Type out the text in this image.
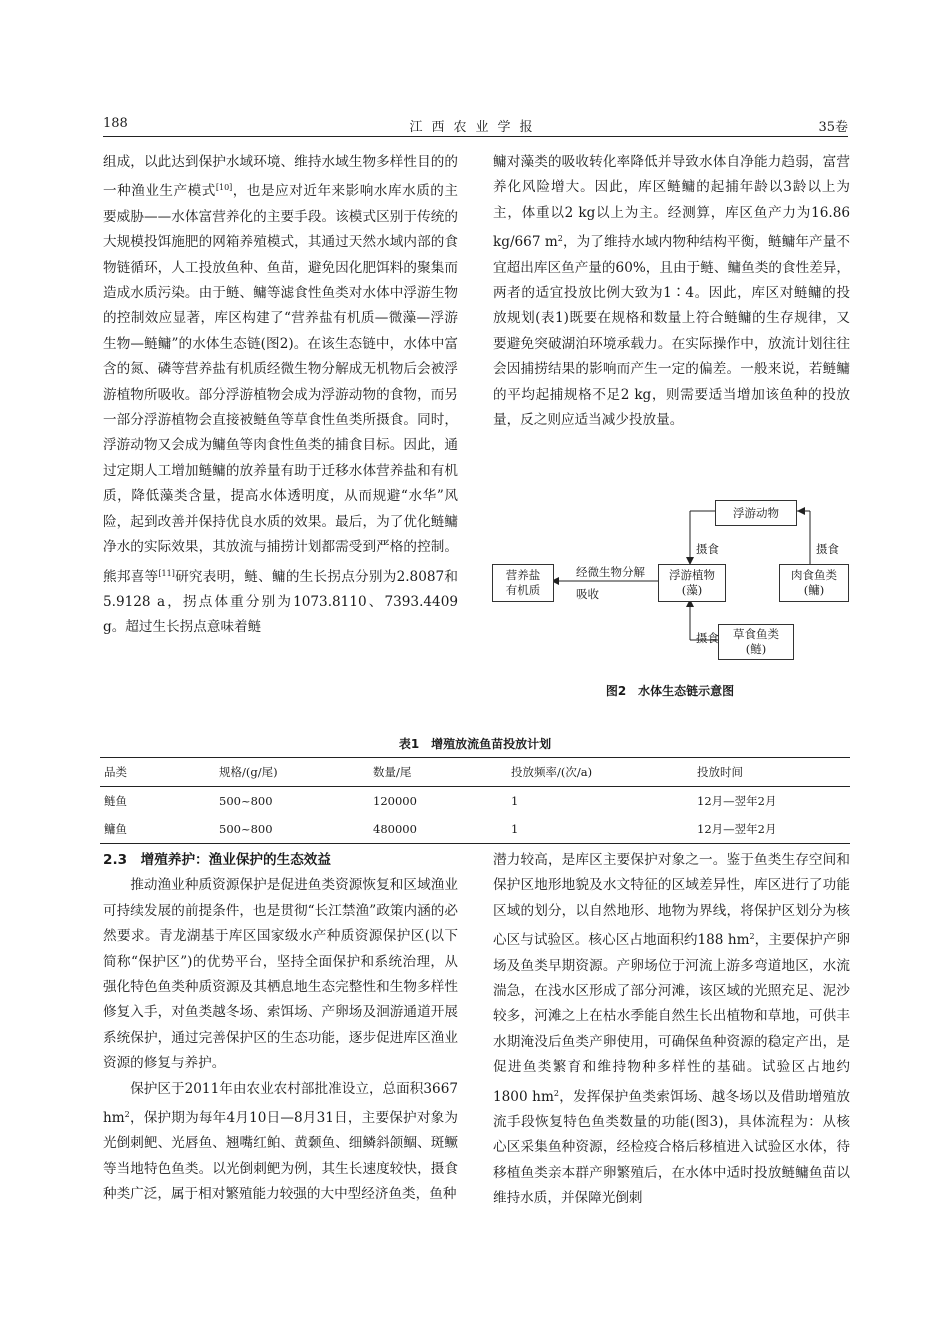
188	江西农业学报	35卷

组成，以此达到保护水域环境、维持水域生物多样性目的的一种渔业生产模式[10]，也是应对近年来影响水库水质的主要威胁——水体富营养化的主要手段。该模式区别于传统的大规模投饵施肥的网箱养殖模式，其通过天然水域内部的食物链循环，人工投放鱼种、鱼苗，避免因化肥饵料的聚集而造成水质污染。由于鲢、鳙等滤食性鱼类对水体中浮游生物的控制效应显著，库区构建了“营养盐有机质—微藻—浮游生物—鲢鳙”的水体生态链(图2)。在该生态链中，水体中富含的氮、磷等营养盐有机质经微生物分解成无机物后会被浮游植物所吸收。部分浮游植物会成为浮游动物的食物，而另一部分浮游植物会直接被鲢鱼等草食性鱼类所摄食。同时，浮游动物又会成为鳙鱼等肉食性鱼类的捕食目标。因此，通过定期人工增加鲢鳙的放养量有助于迁移水体营养盐和有机质，降低藻类含量，提高水体透明度，从而规避“水华”风险，起到改善并保持优良水质的效果。最后，为了优化鲢鳙净水的实际效果，其放流与捕捞计划都需受到严格的控制。熊邦喜等[11]研究表明，鲢、鳙的生长拐点分别为2.8087和5.9128 a，拐点体重分别为1073.8110、7393.4409 g。超过生长拐点意味着鲢

鳙对藻类的吸收转化率降低并导致水体自净能力趋弱，富营养化风险增大。因此，库区鲢鳙的起捕年龄以3龄以上为主，体重以2 kg以上为主。经测算，库区鱼产力为16.86 kg/667 $m^2$，为了维持水域内物种结构平衡，鲢鳙年产量不宜超出库区鱼产量的60%，且由于鲢、鳙鱼类的食性差异，两者的适宜投放比例大致为1∶4。因此，库区对鲢鳙的投放规划(表1)既要在规格和数量上符合鲢鳙的生存规律，又要避免突破湖泊环境承载力。在实际操作中，放流计划往往会因捕捞结果的影响而产生一定的偏差。一般来说，若鲢鳙的平均起捕规格不足2 kg，则需要适当增加该鱼种的投放量，反之则应适当减少投放量。

浮游动物
浮游植物
(藻)
营养盐
有机质
肉食鱼类
(鳙)
草食鱼类
(鲢)
摄食	摄食
摄食
经微生物分解
吸收
图2　水体生态链示意图
表1　增殖放流鱼苗投放计划
品类	规格/(g/尾)	数量/尾	投放频率/(次/a)	投放时间
鲢鱼	500~800	120000	1	12月—翌年2月
鳙鱼	500~800	480000	1	12月—翌年2月

2.3　增殖养护：渔业保护的生态效益

推动渔业种质资源保护是促进鱼类资源恢复和区域渔业可持续发展的前提条件，也是贯彻“长江禁渔”政策内涵的必然要求。青龙湖基于库区国家级水产种质资源保护区(以下简称“保护区”)的优势平台，坚持全面保护和系统治理，从强化特色鱼类种质资源及其栖息地生态完整性和生物多样性修复入手，对鱼类越冬场、索饵场、产卵场及洄游通道开展系统保护，通过完善保护区的生态功能，逐步促进库区渔业资源的修复与养护。

保护区于2011年由农业农村部批准设立，总面积3667 $hm^2$，保护期为每年4月10日—8月31日，主要保护对象为光倒刺鲃、光唇鱼、翘嘴红鲌、黄颡鱼、细鳞斜颌鲴、斑鳜等当地特色鱼类。以光倒刺鲃为例，其生长速度较快，摄食种类广泛，属于相对繁殖能力较强的大中型经济鱼类，鱼种

潜力较高，是库区主要保护对象之一。鉴于鱼类生存空间和保护区地形地貌及水文特征的区域差异性，库区进行了功能区域的划分，以自然地形、地物为界线，将保护区划分为核心区与试验区。核心区占地面积约188 $hm^2$，主要保护产卵场及鱼类早期资源。产卵场位于河流上游多弯道地区，水流湍急，在浅水区形成了部分河滩，该区域的光照充足、泥沙较多，河滩之上在枯水季能自然生长出植物和草地，可供丰水期淹没后鱼类产卵使用，可确保鱼种资源的稳定产出，是促进鱼类繁育和维持物种多样性的基础。试验区占地约1800 $hm^2$，发挥保护鱼类索饵场、越冬场以及借助增殖放流手段恢复特色鱼类数量的功能(图3)，具体流程为：从核心区采集鱼种资源，经检疫合格后移植进入试验区水体，待移植鱼类亲本群产卵繁殖后，在水体中适时投放鲢鳙鱼苗以维持水质，并保障光倒刺
